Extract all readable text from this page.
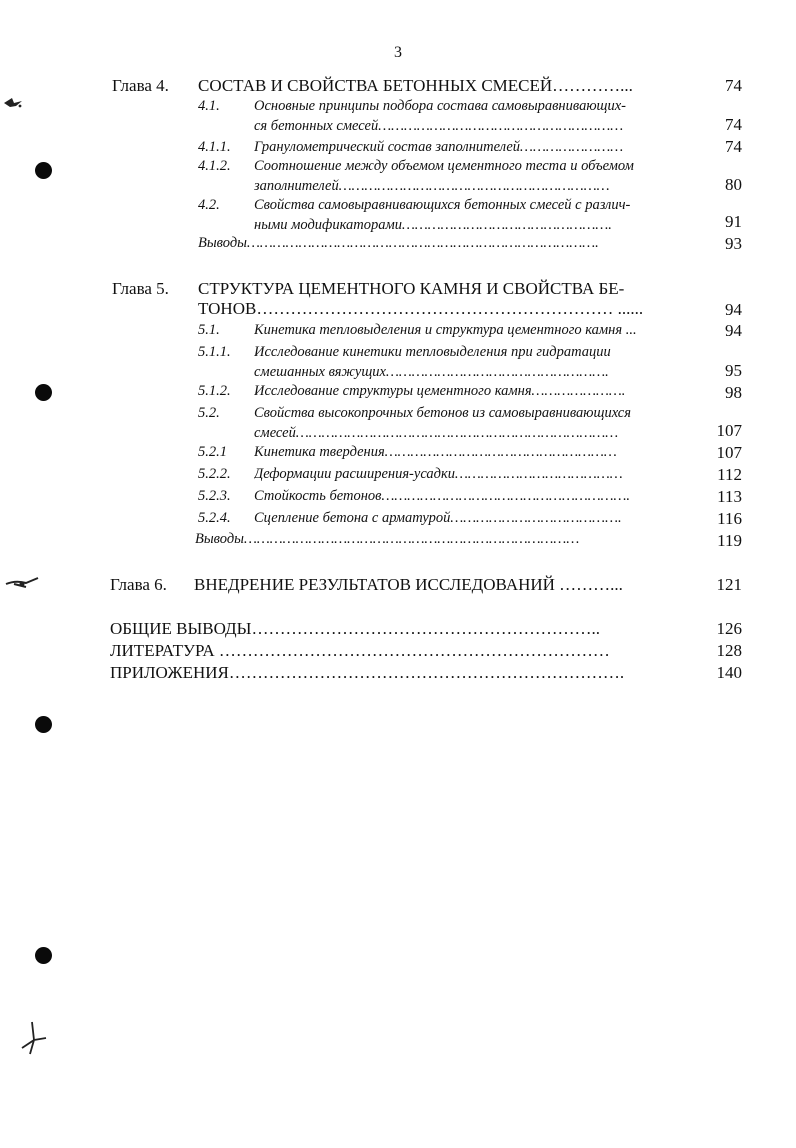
3
Глава 4. СОСТАВ И СВОЙСТВА БЕТОННЫХ СМЕСЕЙ…………...	74
4.1. Основные принципы подбора состава самовыравнивающих-
ся бетонных смесей…………………………………………………	74
4.1.1. Гранулометрический состав заполнителей……………………	74
4.1.2. Соотношение между объемом цементного теста и объемом
заполнителей………………………………………………………	80
4.2. Свойства самовыравнивающихся бетонных смесей с различ-
ными модификаторами………………………………………….	91
Выводы……………………………………………………………………….	93
Глава 5. СТРУКТУРА ЦЕМЕНТНОГО КАМНЯ И СВОЙСТВА БЕ-
ТОНОВ……………………………………………………… ......	94
5.1. Кинетика тепловыделения и структура цементного камня ...	94
5.1.1. Исследование кинетики тепловыделения при гидратации
смешанных вяжущих…………………………………………….	95
5.1.2. Исследование структуры цементного камня………………….	98
5.2. Свойства высокопрочных бетонов из самовыравнивающихся
смесей…………………………………………………………………	107
5.2.1 Кинетика твердения………………………………………………	107
5.2.2. Деформации расширения-усадки…………………………………	112
5.2.3. Стойкость бетонов………………………………………………….	113
5.2.4. Сцепление бетона с арматурой………………………………….	116
Выводы……………………………………………………………………	119
Глава 6. ВНЕДРЕНИЕ РЕЗУЛЬТАТОВ ИССЛЕДОВАНИЙ ………...	121
ОБЩИЕ ВЫВОДЫ……………………………………………………..	126
ЛИТЕРАТУРА ……………………………………………………………	128
ПРИЛОЖЕНИЯ…………………………………………………………….	140
